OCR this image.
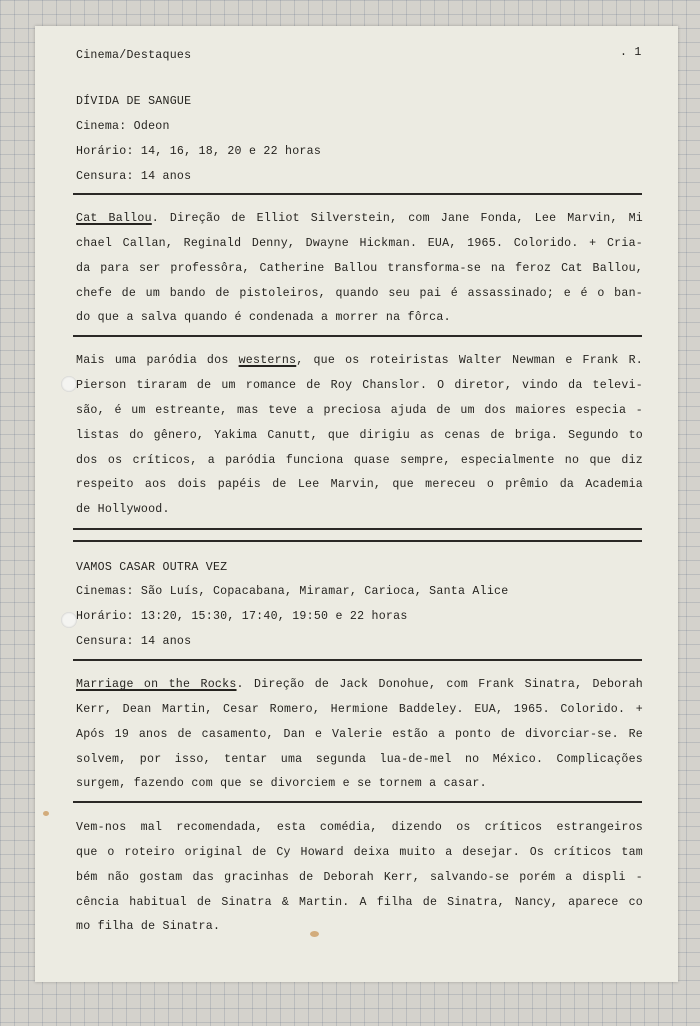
Cinema/Destaques	. 1

DÍVIDA DE SANGUE

Cinema: Odeon

Horário: 14, 16, 18, 20 e 22 horas

Censura: 14 anos

Cat Ballou. Direção de Elliot Silverstein, com Jane Fonda, Lee Marvin, Mi

chael Callan, Reginald Denny, Dwayne Hickman. EUA, 1965. Colorido. + Cria-

da para ser professôra, Catherine Ballou transforma-se na feroz Cat Ballou,

chefe de um bando de pistoleiros, quando seu pai é assassinado; e é o ban-

do que a salva quando é condenada a morrer na fôrca.

Mais uma paródia dos westerns, que os roteiristas Walter Newman e Frank R.

Pierson tiraram de um romance de Roy Chanslor. O diretor, vindo da televi-

são, é um estreante, mas teve a preciosa ajuda de um dos maiores especia -

listas do gênero, Yakima Canutt, que dirigiu as cenas de briga. Segundo to

dos os críticos, a paródia funciona quase sempre, especialmente no que diz

respeito aos dois papéis de Lee Marvin, que mereceu o prêmio da Academia

de Hollywood.

VAMOS CASAR OUTRA VEZ

Cinemas: São Luís, Copacabana, Miramar, Carioca, Santa Alice

Horário: 13:20, 15:30, 17:40, 19:50 e 22 horas

Censura: 14 anos

Marriage on the Rocks. Direção de Jack Donohue, com Frank Sinatra, Deborah

Kerr, Dean Martin, Cesar Romero, Hermione Baddeley. EUA, 1965. Colorido. +

Após 19 anos de casamento, Dan e Valerie estão a ponto de divorciar-se. Re

solvem, por isso, tentar uma segunda lua-de-mel no México. Complicações

surgem, fazendo com que se divorciem e se tornem a casar.

Vem-nos mal recomendada, esta comédia, dizendo os críticos estrangeiros

que o roteiro original de Cy Howard deixa muito a desejar. Os críticos tam

bém não gostam das gracinhas de Deborah Kerr, salvando-se porém a displi -

cência habitual de Sinatra & Martin. A filha de Sinatra, Nancy, aparece co

mo filha de Sinatra.
